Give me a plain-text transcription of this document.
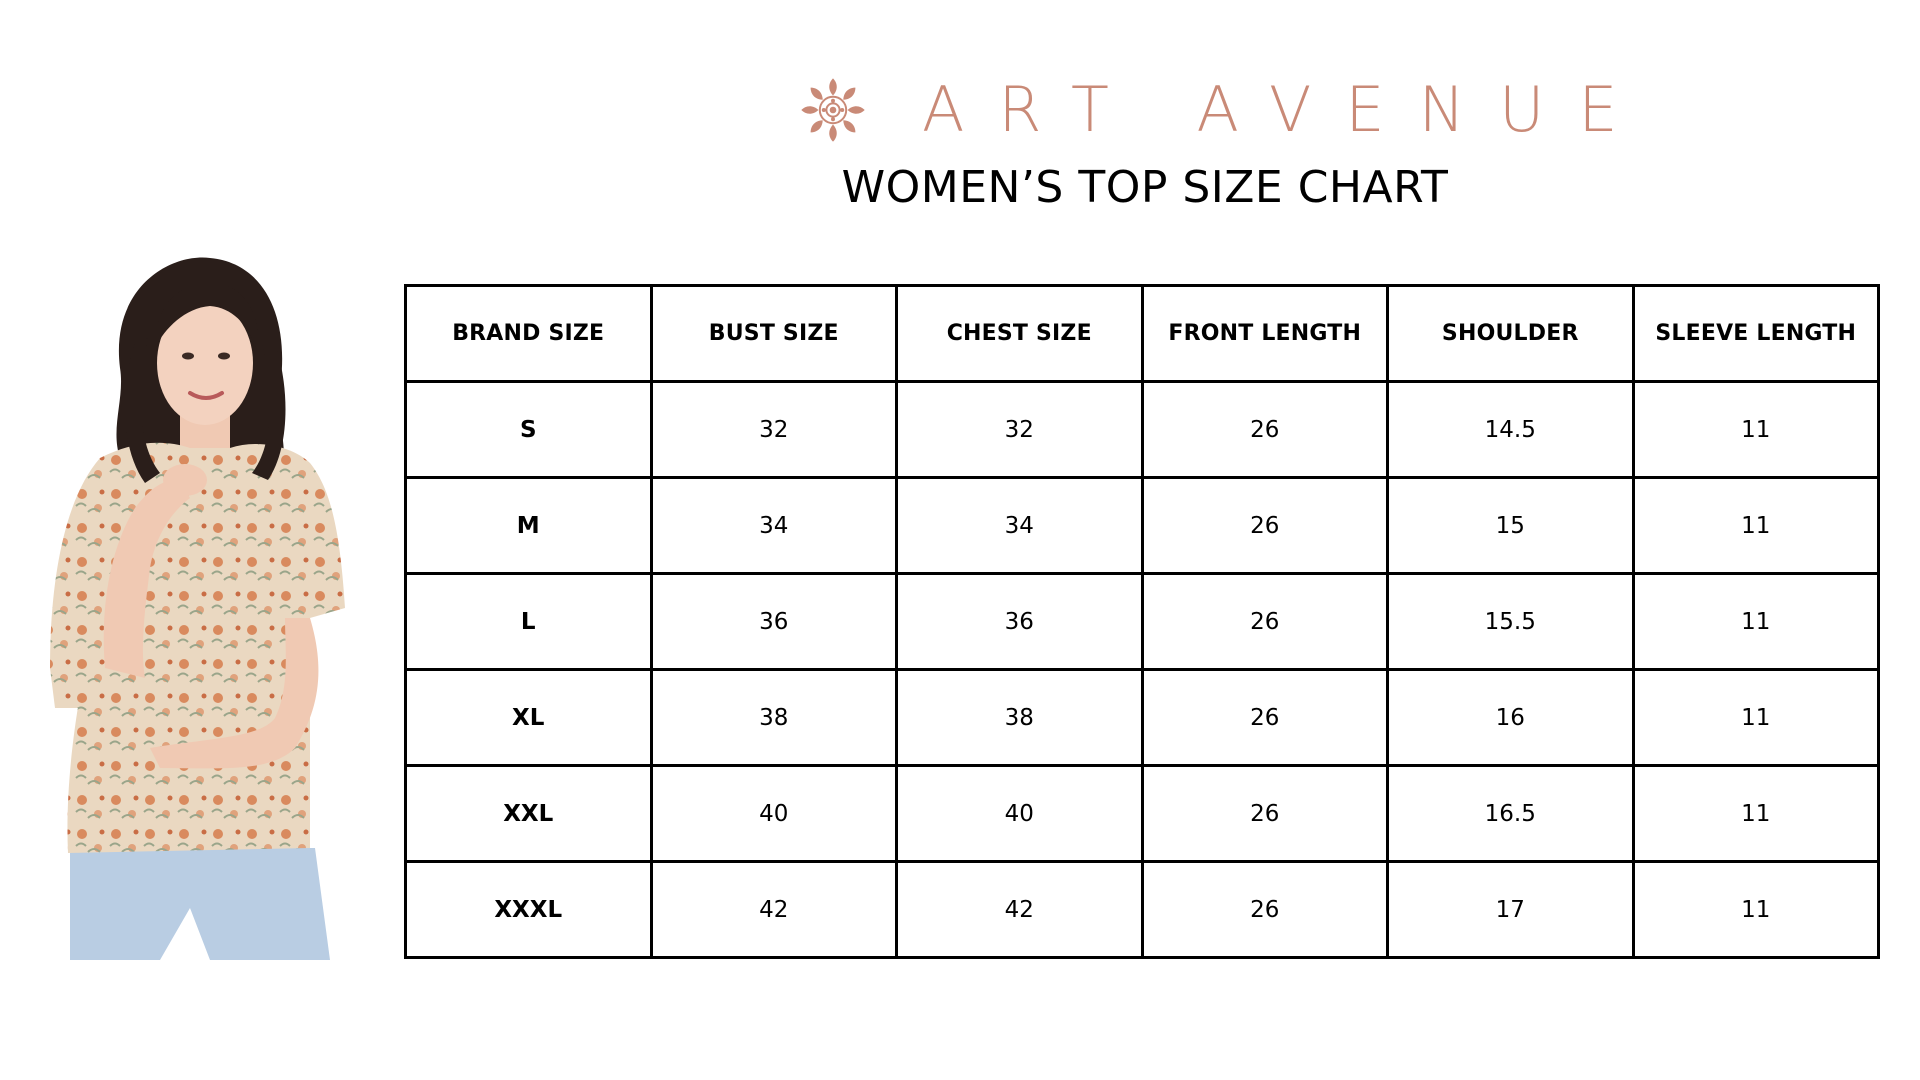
ART AVENUE
WOMEN’S TOP SIZE CHART
BRAND SIZE	BUST SIZE	CHEST SIZE	FRONT LENGTH	SHOULDER	SLEEVE LENGTH
S	32	32	26	14.5	11
M	34	34	26	15	11
L	36	36	26	15.5	11
XL	38	38	26	16	11
XXL	40	40	26	16.5	11
XXXL	42	42	26	17	11
